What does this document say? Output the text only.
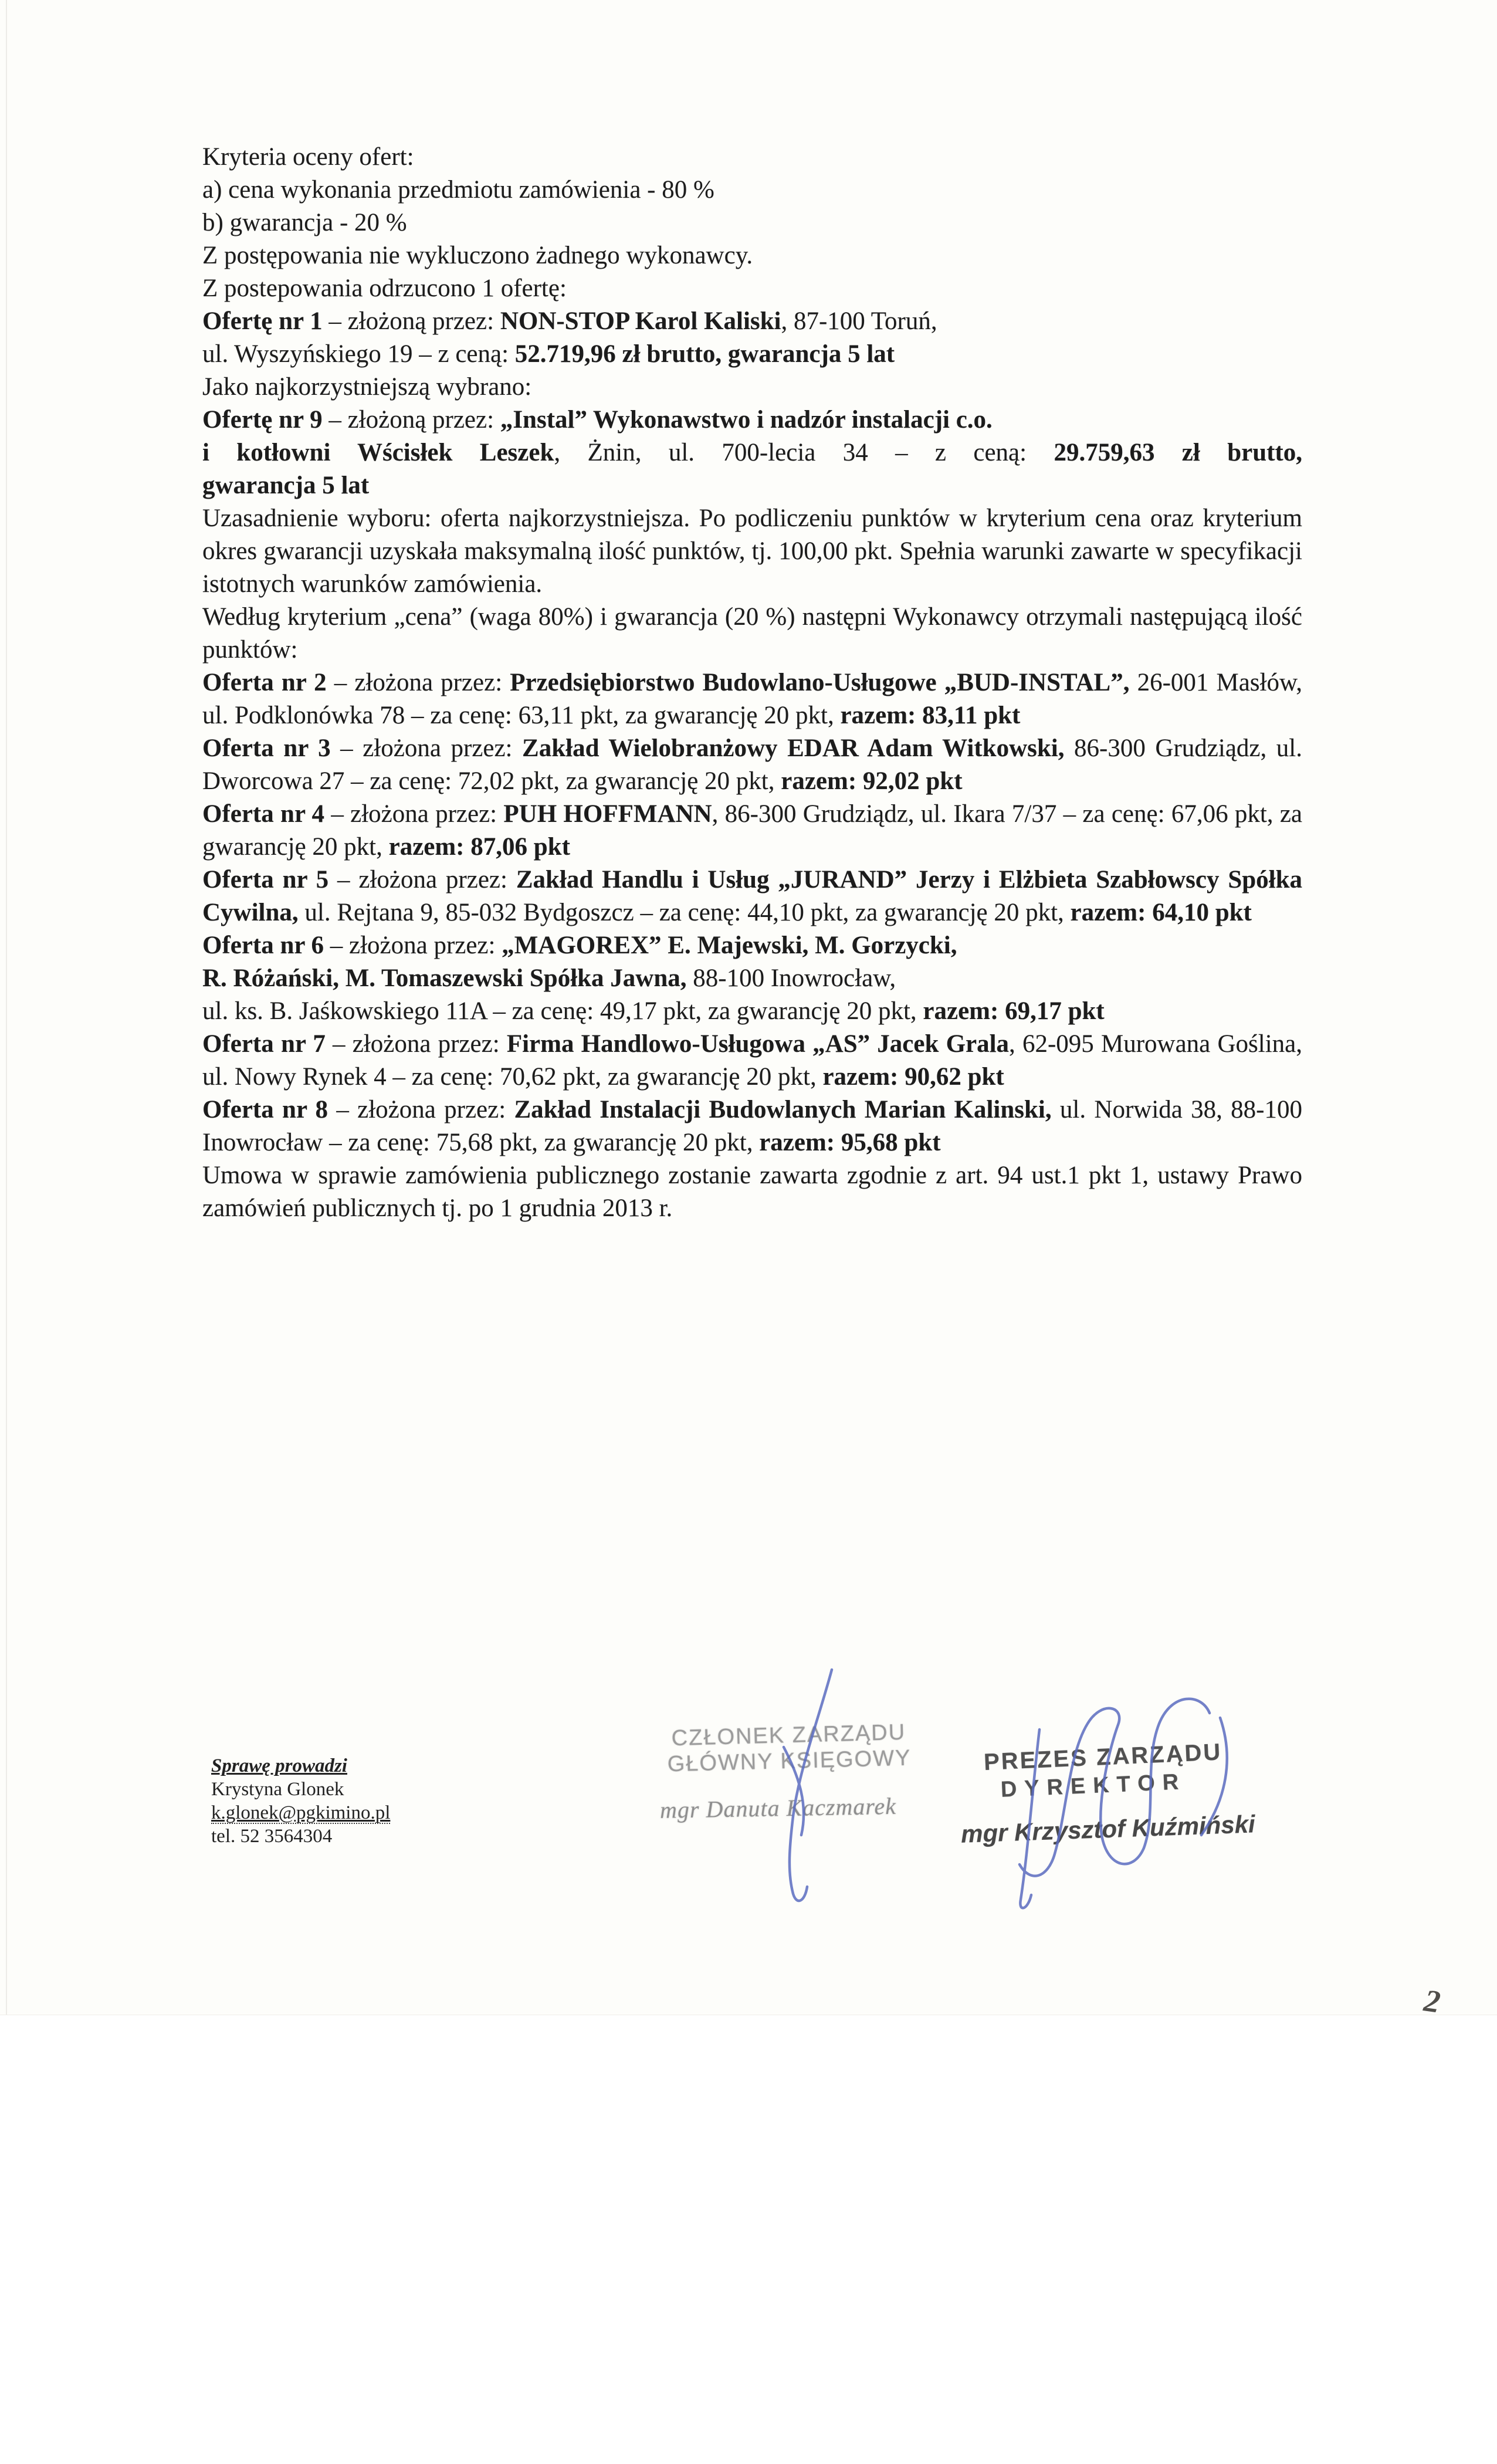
Kryteria oceny ofert:

a) cena wykonania przedmiotu zamówienia - 80 %

b) gwarancja - 20 %

Z postępowania nie wykluczono żadnego wykonawcy.

Z postepowania odrzucono 1 ofertę:

Ofertę nr 1 – złożoną przez: NON-STOP Karol Kaliski, 87-100 Toruń,

ul. Wyszyńskiego 19 – z ceną: 52.719,96 zł brutto, gwarancja 5 lat

Jako najkorzystniejszą wybrano:

Ofertę nr 9 – złożoną przez: „Instal” Wykonawstwo i nadzór instalacji c.o.

i kotłowni Wścisłek Leszek, Żnin, ul. 700-lecia 34 – z ceną: 29.759,63 zł brutto,

gwarancja 5 lat

Uzasadnienie wyboru: oferta najkorzystniejsza. Po podliczeniu punktów w kryterium cena oraz kryterium okres gwarancji uzyskała maksymalną ilość punktów, tj. 100,00 pkt. Spełnia warunki zawarte w specyfikacji istotnych warunków zamówienia.

Według kryterium „cena” (waga 80%) i gwarancja (20 %) następni Wykonawcy otrzymali następującą ilość punktów:

Oferta nr 2 – złożona przez: Przedsiębiorstwo Budowlano-Usługowe „BUD-INSTAL”, 26-001 Masłów, ul. Podklonówka 78 – za cenę: 63,11 pkt, za gwarancję 20 pkt, razem: 83,11 pkt

Oferta nr 3 – złożona przez: Zakład Wielobranżowy EDAR Adam Witkowski, 86-300 Grudziądz, ul. Dworcowa 27 – za cenę: 72,02 pkt, za gwarancję 20 pkt, razem: 92,02 pkt

Oferta nr 4 – złożona przez: PUH HOFFMANN, 86-300 Grudziądz, ul. Ikara 7/37 – za cenę: 67,06 pkt, za gwarancję 20 pkt, razem: 87,06 pkt

Oferta nr 5 – złożona przez: Zakład Handlu i Usług „JURAND” Jerzy i Elżbieta Szabłowscy Spółka Cywilna, ul. Rejtana 9, 85-032 Bydgoszcz – za cenę: 44,10 pkt, za gwarancję 20 pkt, razem: 64,10 pkt

Oferta nr 6 – złożona przez: „MAGOREX” E. Majewski, M. Gorzycki,
R. Różański, M. Tomaszewski Spółka Jawna, 88-100 Inowrocław,
ul. ks. B. Jaśkowskiego 11A – za cenę: 49,17 pkt, za gwarancję 20 pkt, razem: 69,17 pkt

Oferta nr 7 – złożona przez: Firma Handlowo-Usługowa „AS” Jacek Grala, 62-095 Murowana Goślina, ul. Nowy Rynek 4 – za cenę: 70,62 pkt, za gwarancję 20 pkt, razem: 90,62 pkt

Oferta nr 8 – złożona przez: Zakład Instalacji Budowlanych Marian Kalinski, ul. Norwida 38, 88-100 Inowrocław – za cenę: 75,68 pkt, za gwarancję 20 pkt, razem: 95,68 pkt

Umowa w sprawie zamówienia publicznego zostanie zawarta zgodnie z art. 94 ust.1 pkt 1, ustawy Prawo zamówień publicznych tj. po 1 grudnia 2013 r.

Sprawę prowadzi
Krystyna Glonek
k.glonek@pgkimino.pl
tel. 52 3564304
CZŁONEK ZARZĄDU
GŁÓWNY KSIĘGOWY
mgr Danuta Kaczmarek
PREZES ZARZĄDU
DYREKTOR
mgr Krzysztof Kuźmiński
2
